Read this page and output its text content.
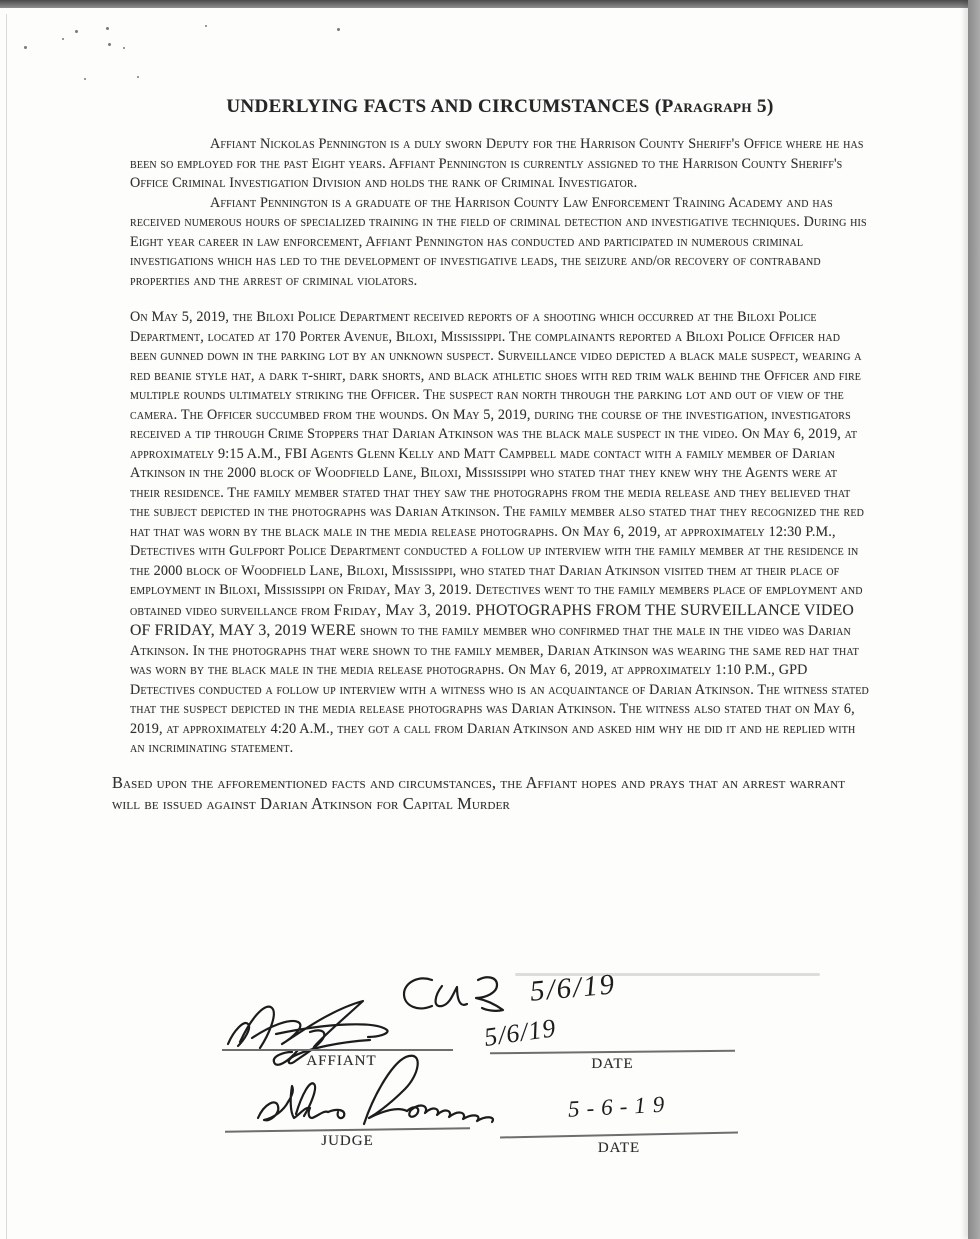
UNDERLYING FACTS AND CIRCUMSTANCES (Paragraph 5)

Affiant Nickolas Pennington is a duly sworn Deputy for the Harrison County Sheriff's Office where he has been so employed for the past Eight years. Affiant Pennington is currently assigned to the Harrison County Sheriff's Office Criminal Investigation Division and holds the rank of Criminal Investigator.

Affiant Pennington is a graduate of the Harrison County Law Enforcement Training Academy and has received numerous hours of specialized training in the field of criminal detection and investigative techniques. During his Eight year career in law enforcement, Affiant Pennington has conducted and participated in numerous criminal investigations which has led to the development of investigative leads, the seizure and/or recovery of contraband properties and the arrest of criminal violators.

On May 5, 2019, the Biloxi Police Department received reports of a shooting which occurred at the Biloxi Police Department, located at 170 Porter Avenue, Biloxi, Mississippi. The complainants reported a Biloxi Police Officer had been gunned down in the parking lot by an unknown suspect. Surveillance video depicted a black male suspect, wearing a red beanie style hat, a dark t-shirt, dark shorts, and black athletic shoes with red trim walk behind the Officer and fire multiple rounds ultimately striking the Officer. The suspect ran north through the parking lot and out of view of the camera. The Officer succumbed from the wounds. On May 5, 2019, during the course of the investigation, investigators received a tip through Crime Stoppers that Darian Atkinson was the black male suspect in the video. On May 6, 2019, at approximately 9:15 A.M., FBI Agents Glenn Kelly and Matt Campbell made contact with a family member of Darian Atkinson in the 2000 block of Woodfield Lane, Biloxi, Mississippi who stated that they knew why the Agents were at their residence. The family member stated that they saw the photographs from the media release and they believed that the subject depicted in the photographs was Darian Atkinson. The family member also stated that they recognized the red hat that was worn by the black male in the media release photographs. On May 6, 2019, at approximately 12:30 P.M., Detectives with Gulfport Police Department conducted a follow up interview with the family member at the residence in the 2000 block of Woodfield Lane, Biloxi, Mississippi, who stated that Darian Atkinson visited them at their place of employment in Biloxi, Mississippi on Friday, May 3, 2019. Detectives went to the family members place of employment and obtained video surveillance from Friday, May 3, 2019. PHOTOGRAPHS FROM THE SURVEILLANCE VIDEO OF FRIDAY, MAY 3, 2019 WERE shown to the family member who confirmed that the male in the video was Darian Atkinson. In the photographs that were shown to the family member, Darian Atkinson was wearing the same red hat that was worn by the black male in the media release photographs. On May 6, 2019, at approximately 1:10 P.M., GPD Detectives conducted a follow up interview with a witness who is an acquaintance of Darian Atkinson. The witness stated that the suspect depicted in the media release photographs was Darian Atkinson. The witness also stated that on May 6, 2019, at approximately 4:20 A.M., they got a call from Darian Atkinson and asked him why he did it and he replied with an incriminating statement.

Based upon the afforementioned facts and circumstances, the Affiant hopes and prays that an arrest warrant will be issued against Darian Atkinson for Capital Murder

5/6/19
AFFIANT
5/6/19
DATE
JUDGE
5-6-19
DATE
